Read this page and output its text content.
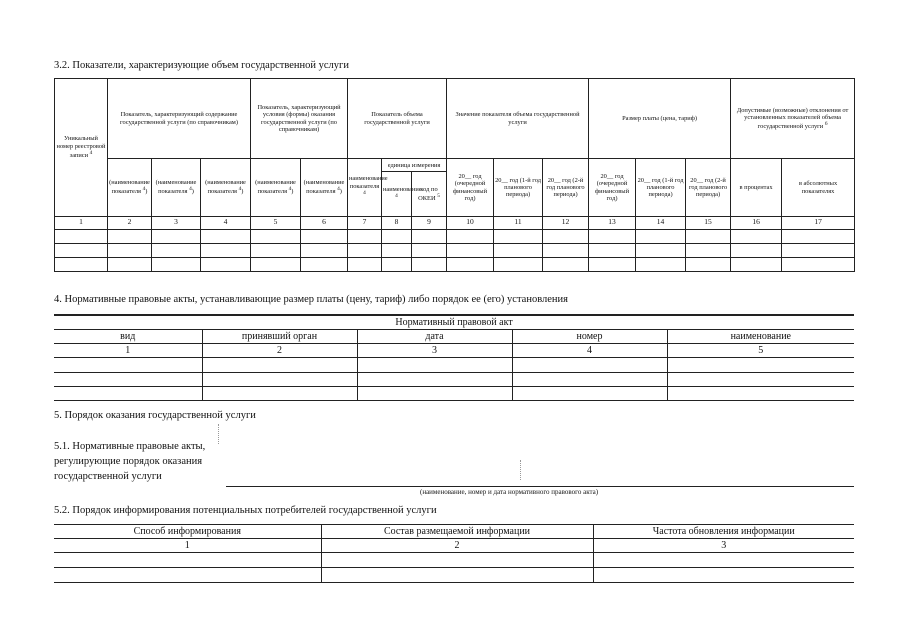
3.2. Показатели, характеризующие объем государственной услуги
Уникальный номер реестровой записи $^4$	Показатель, характеризующий содержание государственной услуги (по справочникам)			Показатель, характеризующий условия (формы) оказания государственной услуги (по справочникам)		Показатель объема государственной услуги			Значение показателя объема государственной услуги			Размер платы (цена, тариф)			Допустимые (возможные) отклонения от установленных показателей объема государственной услуги $^6$
	(наименование показателя $^4$)	(наименование показателя $^4$)	(наименование показателя $^4$)	(наименование показателя $^4$)	(наименование показателя $^4$)	наименование показателя $^4$	единица измерения		20__ год (очередной финансовый год)	20__ год (1-й год планового периода)	20__ год (2-й год планового периода)	20__ год (очередной финансовый год)	20__ год (1-й год планового периода)	20__ год (2-й год планового периода)	в процентах	в абсолютных показателях
							наименование $^4$	код по ОКЕИ $^5$
1	2	3	4	5	6	7	8	9	10	11	12	13	14	15	16	17

4. Нормативные правовые акты, устанавливающие размер платы (цену, тариф) либо порядок ее (его) установления
Нормативный правовой акт				
вид	принявший орган	дата	номер	наименование
1	2	3	4	5

5. Порядок оказания государственной услуги
5.1. Нормативные правовые акты,
регулирующие порядок оказания
государственной услуги
(наименование, номер и дата нормативного правового акта)
5.2. Порядок информирования потенциальных потребителей государственной услуги
Способ информирования	Состав размещаемой информации	Частота обновления информации
1	2	3
